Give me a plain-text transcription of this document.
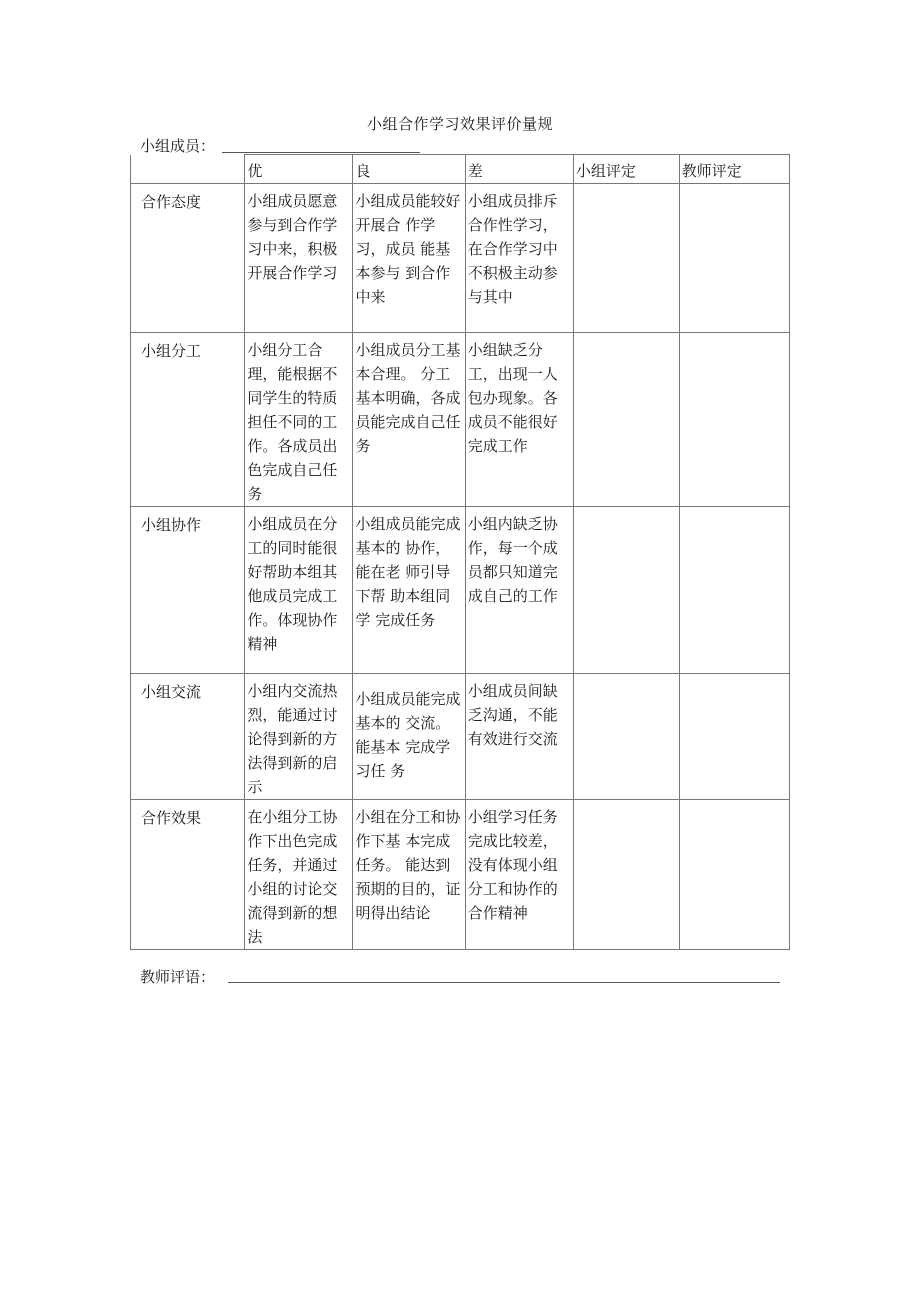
小组合作学习效果评价量规
小组成员：
	优	良	差	小组评定	教师评定
合作态度	小组成员愿意参与到合作学习中来，积极开展合作学习	小组成员能较好开展合 作学习，成员 能基本参与 到合作中来	小组成员排斥合作性学习，在合作学习中不积极主动参与其中		
小组分工	小组分工合理，能根据不同学生的特质担任不同的工作。各成员出色完成自己任务	小组成员分工基本合理。 分工基本明确，各成员能完成自己任 务	小组缺乏分工，出现一人包办现象。各成员不能很好完成工作		
小组协作	小组成员在分工的同时能很好帮助本组其他成员完成工作。体现协作精神	小组成员能完成基本的 协作，能在老 师引导下帮 助本组同学 完成任务	小组内缺乏协作，每一个成员都只知道完成自己的工作		
小组交流	小组内交流热烈，能通过讨论得到新的方法得到新的启示	小组成员能完成基本的 交流。能基本 完成学习任 务	小组成员间缺乏沟通，不能有效进行交流		
合作效果	在小组分工协作下出色完成任务，并通过小组的讨论交流得到新的想法	小组在分工和协作下基 本完成任务。 能达到预期的目的，证明得出结论	小组学习任务完成比较差，没有体现小组分工和协作的合作精神		
教师评语：
